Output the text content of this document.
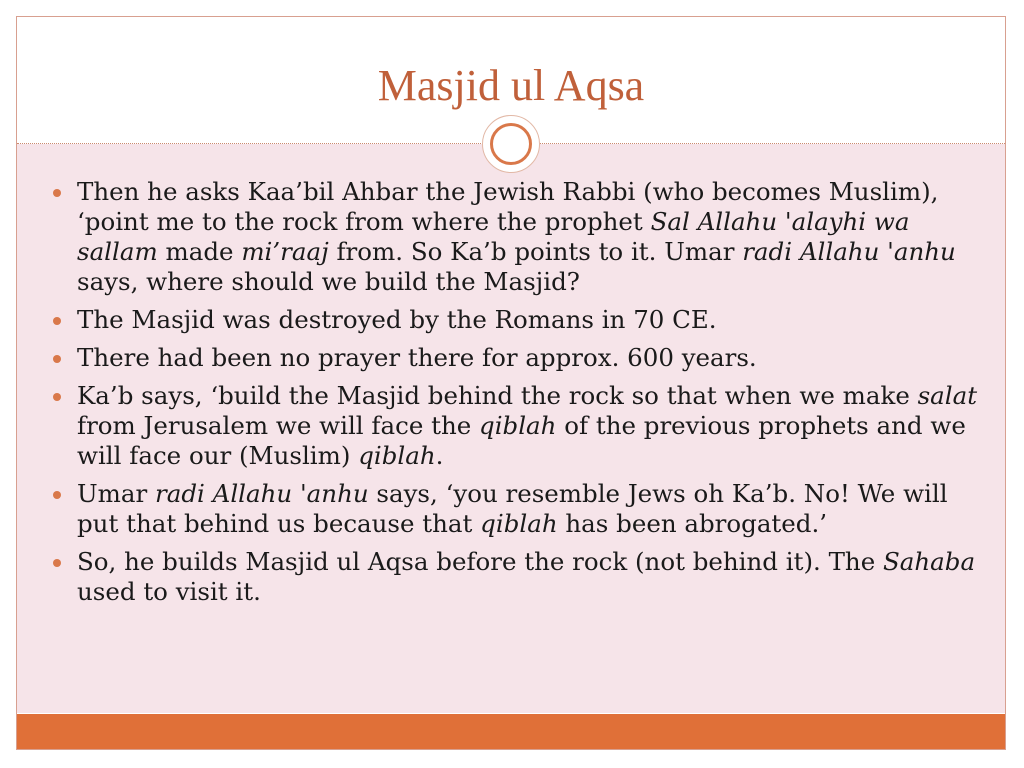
Masjid ul Aqsa
Then he asks Kaa’bil Ahbar the Jewish Rabbi (who becomes Muslim), ‘point me to the rock from where the prophet Sal Allahu 'alayhi wa sallam made mi’raaj from. So Ka’b points to it. Umar radi Allahu 'anhu says, where should we build the Masjid?
The Masjid was destroyed by the Romans in 70 CE.
There had been no prayer there for approx. 600 years.
Ka’b says, ‘build the Masjid behind the rock so that when we make salat from Jerusalem we will face the qiblah of the previous prophets and we will face our (Muslim) qiblah.
Umar radi Allahu 'anhu says, ‘you resemble Jews oh Ka’b. No! We will put that behind us because that qiblah has been abrogated.’
So, he builds Masjid ul Aqsa before the rock (not behind it). The Sahaba used to visit it.
